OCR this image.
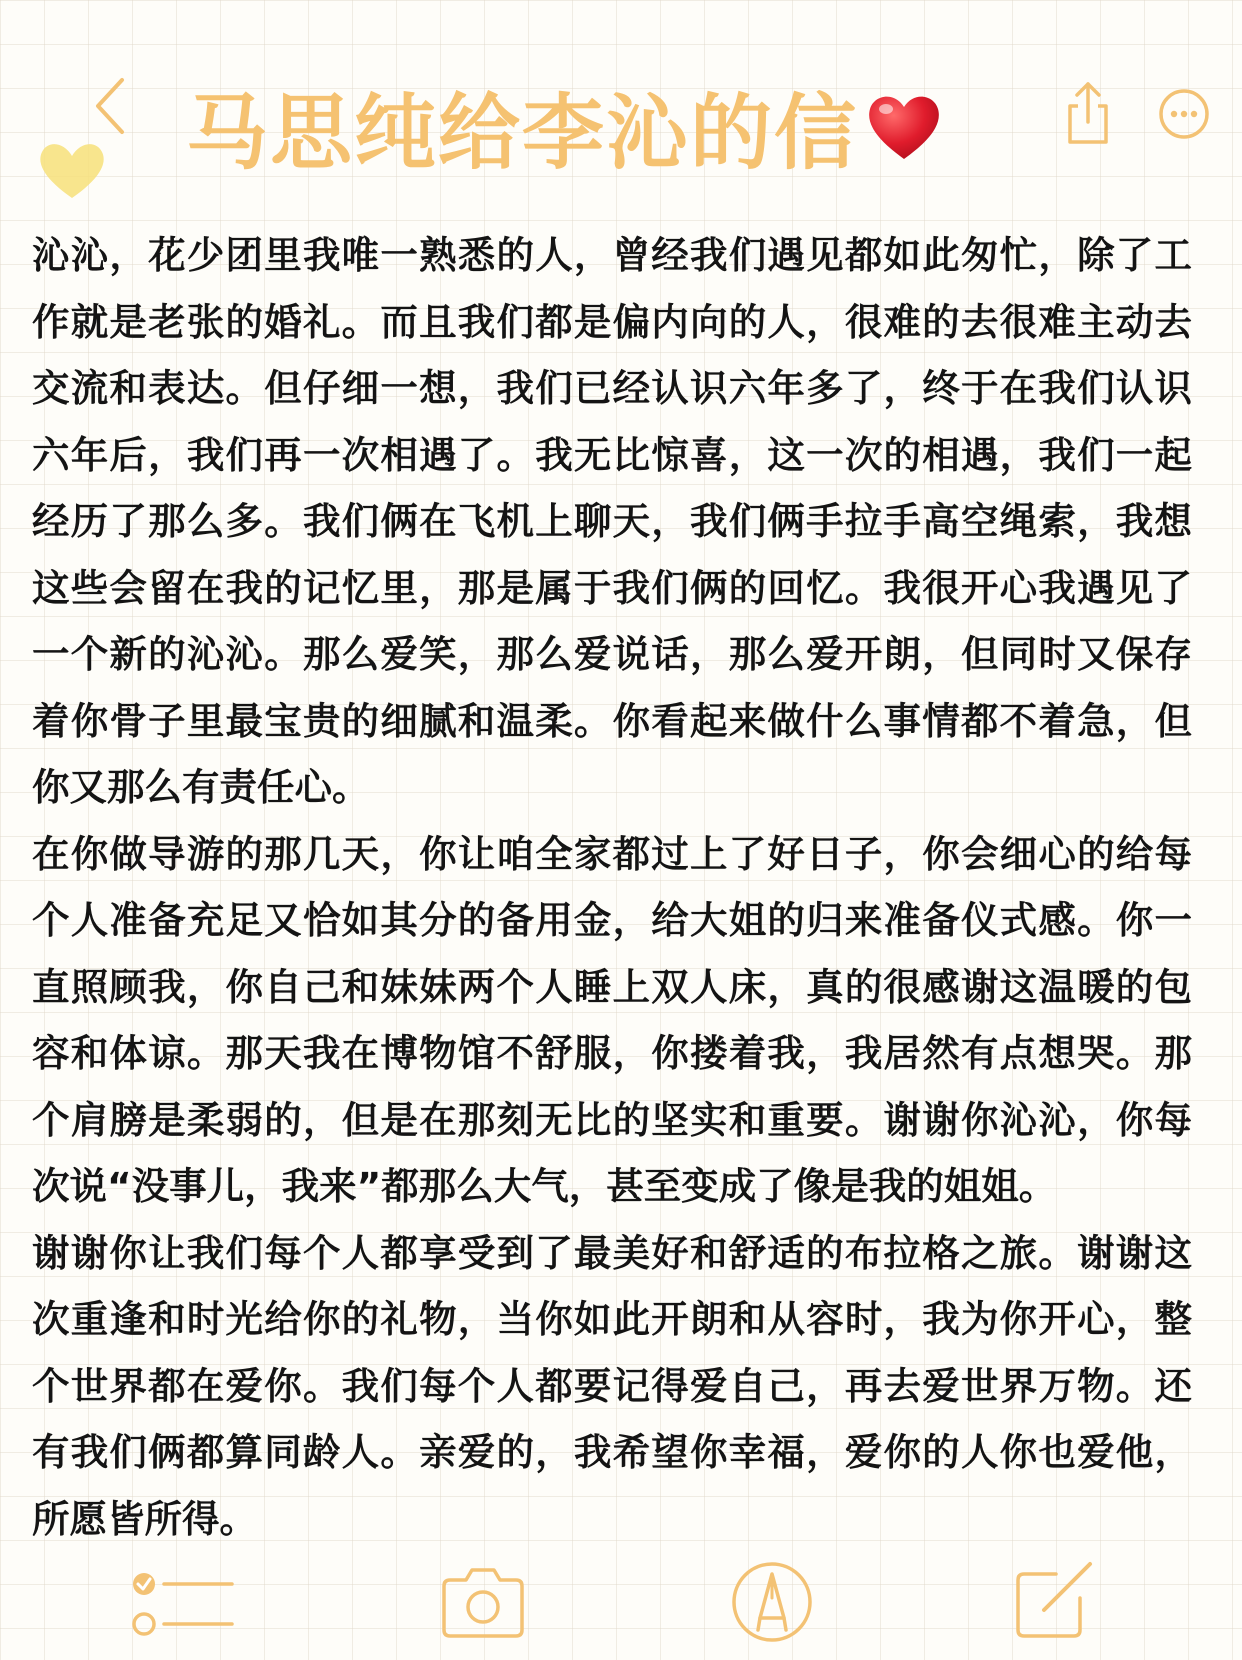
马思纯给李沁的信

沁沁，花少团里我唯一熟悉的人，曾经我们遇见都如此匆忙，除了工作就是老张的婚礼。而且我们都是偏内向的人，很难的去很难主动去交流和表达。但仔细一想，我们已经认识六年多了，终于在我们认识六年后，我们再一次相遇了。我无比惊喜，这一次的相遇，我们一起经历了那么多。我们俩在飞机上聊天，我们俩手拉手高空绳索，我想这些会留在我的记忆里，那是属于我们俩的回忆。我很开心我遇见了一个新的沁沁。那么爱笑，那么爱说话，那么爱开朗，但同时又保存着你骨子里最宝贵的细腻和温柔。你看起来做什么事情都不着急，但你又那么有责任心。

在你做导游的那几天，你让咱全家都过上了好日子，你会细心的给每个人准备充足又恰如其分的备用金，给大姐的归来准备仪式感。你一直照顾我，你自己和妹妹两个人睡上双人床，真的很感谢这温暖的包容和体谅。那天我在博物馆不舒服，你搂着我，我居然有点想哭。那个肩膀是柔弱的，但是在那刻无比的坚实和重要。谢谢你沁沁，你每次说“没事儿，我来”都那么大气，甚至变成了像是我的姐姐。

谢谢你让我们每个人都享受到了最美好和舒适的布拉格之旅。谢谢这次重逢和时光给你的礼物，当你如此开朗和从容时，我为你开心，整个世界都在爱你。我们每个人都要记得爱自己，再去爱世界万物。还有我们俩都算同龄人。亲爱的，我希望你幸福，爱你的人你也爱他，所愿皆所得。
